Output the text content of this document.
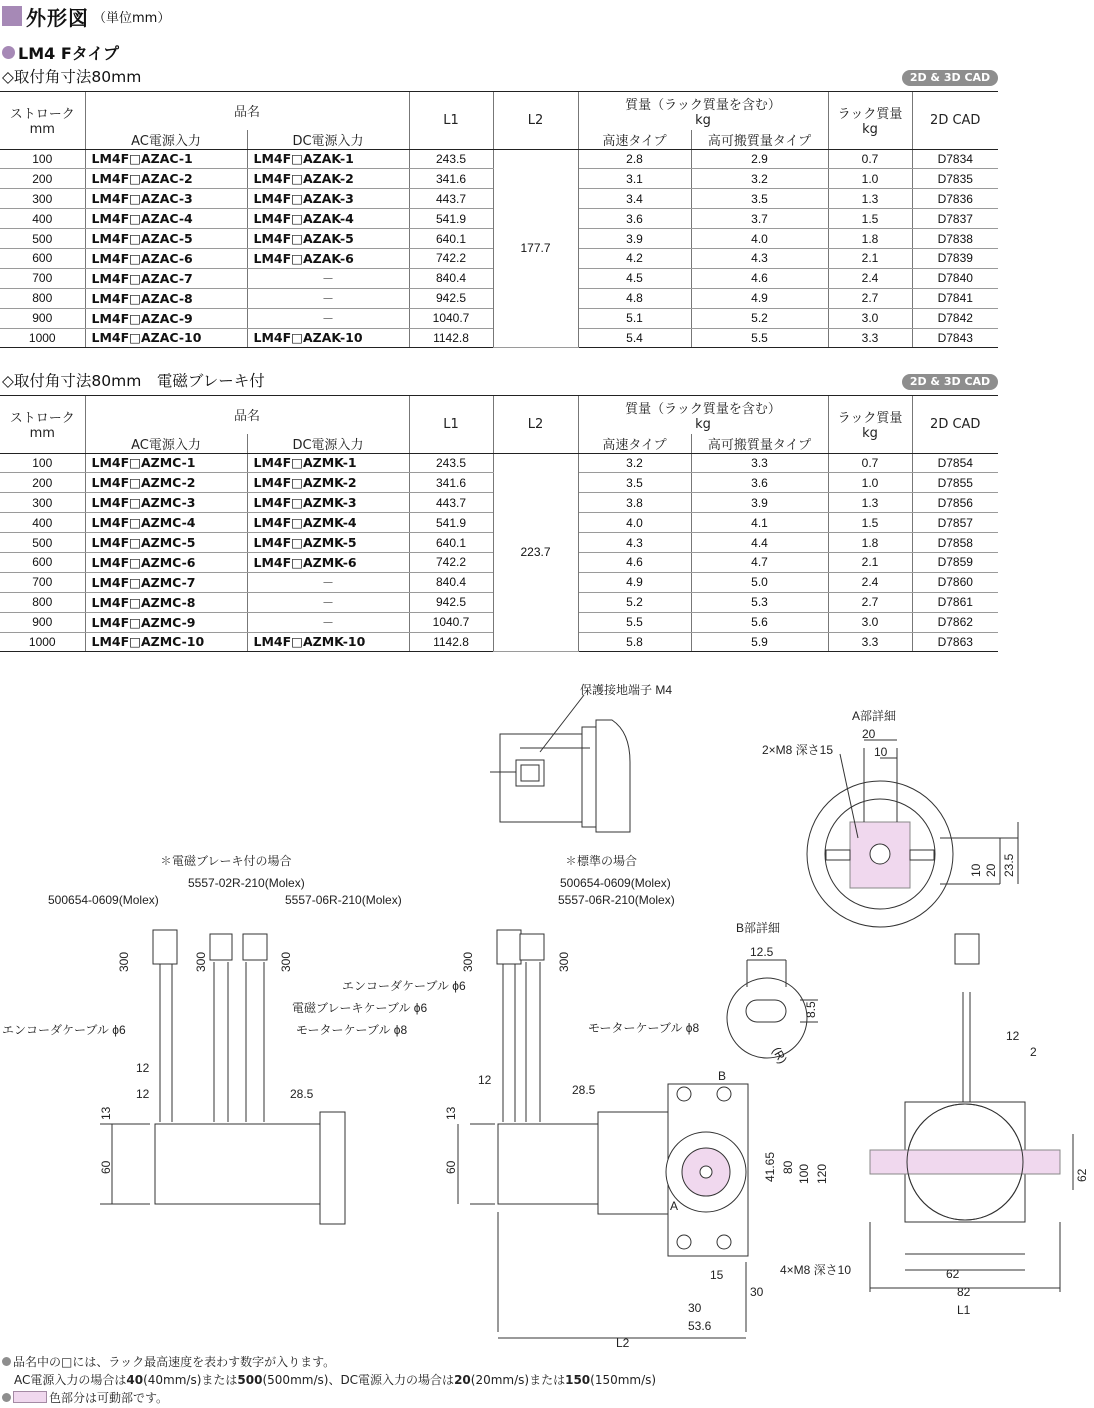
外形図 （単位mm）
LM4 Fタイプ
◇取付角寸法80mm	2D & 3D CAD
ストローク
mm	品名		L1	L2	質量（ラック質量を含む）
kg		ラック質量
kg	2D CAD
	AC電源入力	DC電源入力			高速タイプ	高可搬質量タイプ		
100	LM4F□AZAC-1	LM4F□AZAK-1	243.5	177.7	2.8	2.9	0.7	D7834
200	LM4F□AZAC-2	LM4F□AZAK-2	341.6		3.1	3.2	1.0	D7835
300	LM4F□AZAC-3	LM4F□AZAK-3	443.7		3.4	3.5	1.3	D7836
400	LM4F□AZAC-4	LM4F□AZAK-4	541.9		3.6	3.7	1.5	D7837
500	LM4F□AZAC-5	LM4F□AZAK-5	640.1		3.9	4.0	1.8	D7838
600	LM4F□AZAC-6	LM4F□AZAK-6	742.2		4.2	4.3	2.1	D7839
700	LM4F□AZAC-7	－	840.4		4.5	4.6	2.4	D7840
800	LM4F□AZAC-8	－	942.5		4.8	4.9	2.7	D7841
900	LM4F□AZAC-9	－	1040.7		5.1	5.2	3.0	D7842
1000	LM4F□AZAC-10	LM4F□AZAK-10	1142.8		5.4	5.5	3.3	D7843
◇取付角寸法80mm　電磁ブレーキ付	2D & 3D CAD
ストローク
mm	品名		L1	L2	質量（ラック質量を含む）
kg		ラック質量
kg	2D CAD
	AC電源入力	DC電源入力			高速タイプ	高可搬質量タイプ		
100	LM4F□AZMC-1	LM4F□AZMK-1	243.5	223.7	3.2	3.3	0.7	D7854
200	LM4F□AZMC-2	LM4F□AZMK-2	341.6		3.5	3.6	1.0	D7855
300	LM4F□AZMC-3	LM4F□AZMK-3	443.7		3.8	3.9	1.3	D7856
400	LM4F□AZMC-4	LM4F□AZMK-4	541.9		4.0	4.1	1.5	D7857
500	LM4F□AZMC-5	LM4F□AZMK-5	640.1		4.3	4.4	1.8	D7858
600	LM4F□AZMC-6	LM4F□AZMK-6	742.2		4.6	4.7	2.1	D7859
700	LM4F□AZMC-7	－	840.4		4.9	5.0	2.4	D7860
800	LM4F□AZMC-8	－	942.5		5.2	5.3	2.7	D7861
900	LM4F□AZMC-9	－	1040.7		5.5	5.6	3.0	D7862
1000	LM4F□AZMC-10	LM4F□AZMK-10	1142.8		5.8	5.9	3.3	D7863
保護接地端子 M4
A部詳細
20
10
2×M8 深さ15
23.5
20
10
✽電磁ブレーキ付の場合	✽標準の場合
5557-02R-210(Molex)
500654-0609(Molex)	5557-06R-210(Molex)
500654-0609(Molex)
5557-06R-210(Molex)
300	300	300	300	300
エンコーダケーブル ϕ6
電磁ブレーキケーブル ϕ6
モーターケーブル ϕ8
エンコーダケーブル ϕ6	モーターケーブル ϕ8
B部詳細
12.5
8.5
(R)
12
12	28.5
12
28.5
13
60
13
60
B
A
41.65 80 100 120
4×M8 深さ10
15
30
30
53.6
L2
12
2
62
62
82
L1
品名中の□には、ラック最高速度を表わす数字が入ります。
AC電源入力の場合は40(40mm/s)または500(500mm/s)、DC電源入力の場合は20(20mm/s)または150(150mm/s)
色部分は可動部です。
